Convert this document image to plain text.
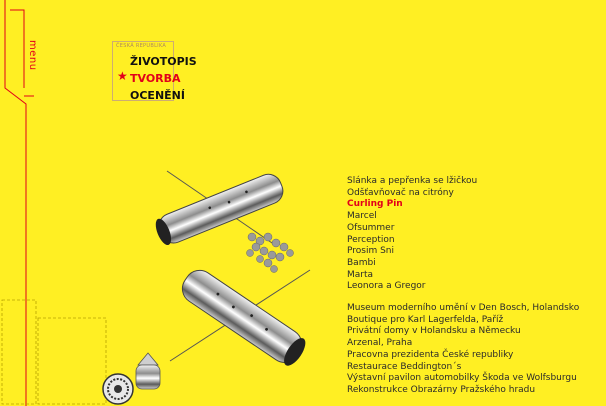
menu	ČESKÁ REPUBLIKA
ŽIVOTOPIS
★ TVORBA
OCENĚNÍ
Slánka a pepřenka se lžičkou
Odšťavňovač na citróny
Curling Pin
Marcel
Ofsummer
Perception
Prosim Sni
Bambi
Marta
Leonora a Gregor
Museum moderního umění v Den Bosch, Holandsko
Boutique pro Karl Lagerfelda, Paříž
Privátní domy v Holandsku a Německu
Arzenal, Praha
Pracovna prezidenta České republiky
Restaurace Beddington´s
Výstavní pavilon automobilky Škoda ve Wolfsburgu
Rekonstrukce Obrazárny Pražského hradu
